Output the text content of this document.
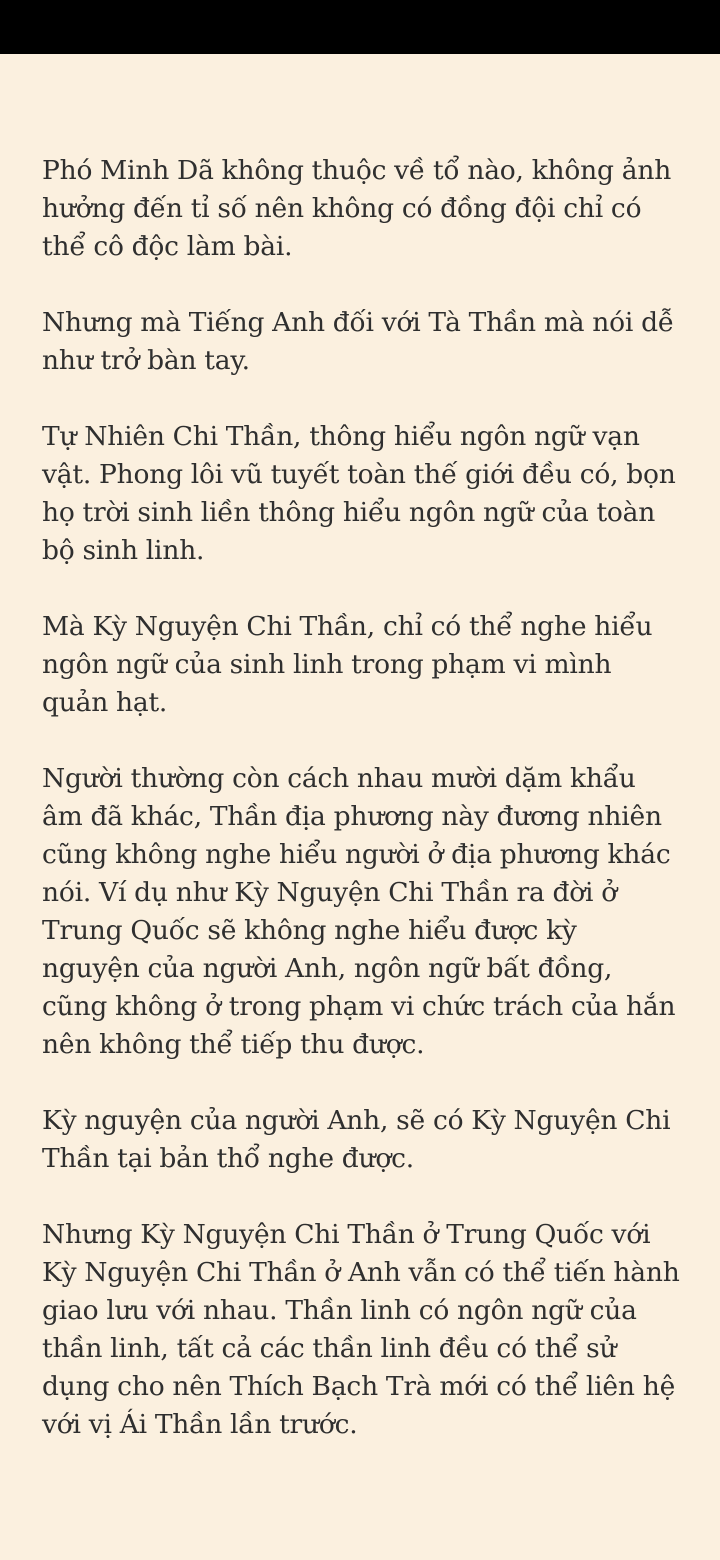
Phó Minh Dã không thuộc về tổ nào, không ảnh hưởng đến tỉ số nên không có đồng đội chỉ có thể cô độc làm bài.

Nhưng mà Tiếng Anh đối với Tà Thần mà nói dễ như trở bàn tay.

Tự Nhiên Chi Thần, thông hiểu ngôn ngữ vạn vật. Phong lôi vũ tuyết toàn thế giới đều có, bọn họ trời sinh liền thông hiểu ngôn ngữ của toàn bộ sinh linh.

Mà Kỳ Nguyện Chi Thần, chỉ có thể nghe hiểu ngôn ngữ của sinh linh trong phạm vi mình quản hạt.

Người thường còn cách nhau mười dặm khẩu âm đã khác, Thần địa phương này đương nhiên cũng không nghe hiểu người ở địa phương khác nói. Ví dụ như Kỳ Nguyện Chi Thần ra đời ở Trung Quốc sẽ không nghe hiểu được kỳ nguyện của người Anh, ngôn ngữ bất đồng, cũng không ở trong phạm vi chức trách của hắn nên không thể tiếp thu được.

Kỳ nguyện của người Anh, sẽ có Kỳ Nguyện Chi Thần tại bản thổ nghe được.

Nhưng Kỳ Nguyện Chi Thần ở Trung Quốc với Kỳ Nguyện Chi Thần ở Anh vẫn có thể tiến hành giao lưu với nhau. Thần linh có ngôn ngữ của thần linh, tất cả các thần linh đều có thể sử dụng cho nên Thích Bạch Trà mới có thể liên hệ với vị Ái Thần lần trước.
